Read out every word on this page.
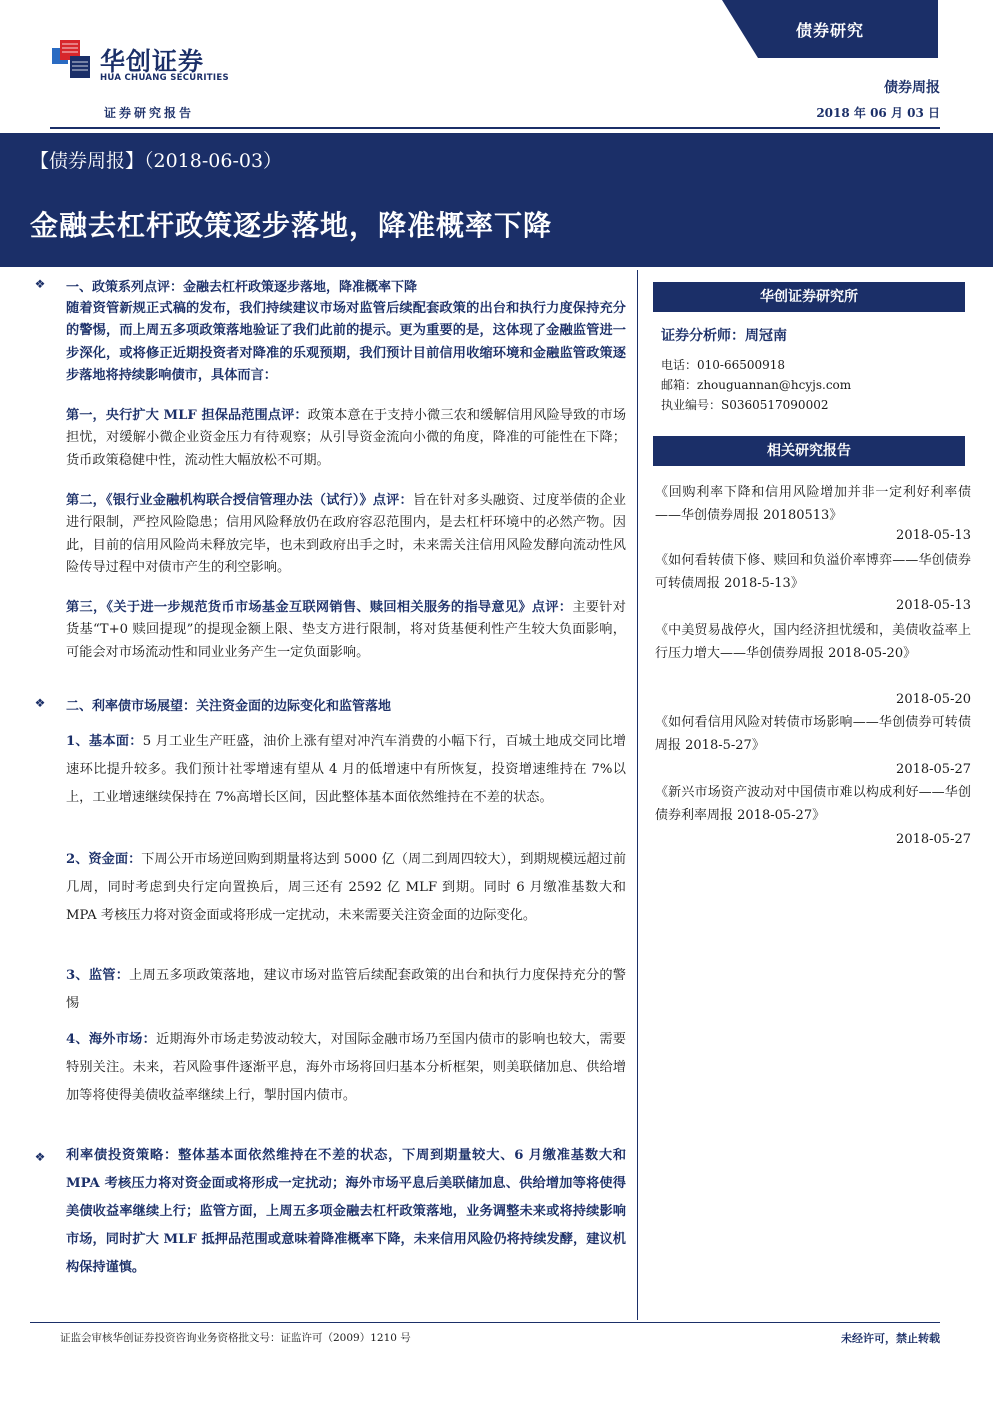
华创证券
HUA CHUANG SECURITIES
证券研究报告
债券研究
债券周报
2018 年 06 月 03 日
【债券周报】（2018-06-03）
金融去杠杆政策逐步落地，降准概率下降
❖	一、政策系列点评：金融去杠杆政策逐步落地，降准概率下降
随着资管新规正式稿的发布，我们持续建议市场对监管后续配套政策的出台和执行力度保持充分的警惕，而上周五多项政策落地验证了我们此前的提示。更为重要的是，这体现了金融监管进一步深化，或将修正近期投资者对降准的乐观预期，我们预计目前信用收缩环境和金融监管政策逐步落地将持续影响债市，具体而言：
第一，央行扩大 MLF 担保品范围点评：政策本意在于支持小微三农和缓解信用风险导致的市场担忧，对缓解小微企业资金压力有待观察；从引导资金流向小微的角度，降准的可能性在下降；货币政策稳健中性，流动性大幅放松不可期。
第二，《银行业金融机构联合授信管理办法（试行）》点评：旨在针对多头融资、过度举债的企业进行限制，严控风险隐患；信用风险释放仍在政府容忍范围内，是去杠杆环境中的必然产物。因此，目前的信用风险尚未释放完毕，也未到政府出手之时，未来需关注信用风险发酵向流动性风险传导过程中对债市产生的利空影响。
第三，《关于进一步规范货币市场基金互联网销售、赎回相关服务的指导意见》点评：主要针对货基“T+0 赎回提现”的提现金额上限、垫支方进行限制，将对货基便利性产生较大负面影响，可能会对市场流动性和同业业务产生一定负面影响。
❖	二、利率债市场展望：关注资金面的边际变化和监管落地
1、基本面：5 月工业生产旺盛，油价上涨有望对冲汽车消费的小幅下行，百城土地成交同比增速环比提升较多。我们预计社零增速有望从 4 月的低增速中有所恢复，投资增速维持在 7%以上，工业增速继续保持在 7%高增长区间，因此整体基本面依然维持在不差的状态。
2、资金面：下周公开市场逆回购到期量将达到 5000 亿（周二到周四较大），到期规模远超过前几周，同时考虑到央行定向置换后，周三还有 2592 亿 MLF 到期。同时 6 月缴准基数大和 MPA 考核压力将对资金面或将形成一定扰动，未来需要关注资金面的边际变化。
3、监管：上周五多项政策落地，建议市场对监管后续配套政策的出台和执行力度保持充分的警惕
4、海外市场：近期海外市场走势波动较大，对国际金融市场乃至国内债市的影响也较大，需要特别关注。未来，若风险事件逐渐平息，海外市场将回归基本分析框架，则美联储加息、供给增加等将使得美债收益率继续上行，掣肘国内债市。
❖	利率债投资策略：整体基本面依然维持在不差的状态，下周到期量较大、6 月缴准基数大和 MPA 考核压力将对资金面或将形成一定扰动；海外市场平息后美联储加息、供给增加等将使得美债收益率继续上行；监管方面，上周五多项金融去杠杆政策落地，业务调整未来或将持续影响市场，同时扩大 MLF 抵押品范围或意味着降准概率下降，未来信用风险仍将持续发酵，建议机构保持谨慎。
华创证券研究所
证券分析师：周冠南
电话：010-66500918
邮箱：zhouguannan@hcyjs.com
执业编号：S0360517090002
相关研究报告
《回购利率下降和信用风险增加并非一定利好利率债——华创债券周报 20180513》
2018-05-13
《如何看转债下修、赎回和负溢价率博弈——华创债券可转债周报 2018-5-13》
2018-05-13
《中美贸易战停火，国内经济担忧缓和，美债收益率上行压力增大——华创债券周报 2018-05-20》
2018-05-20
《如何看信用风险对转债市场影响——华创债券可转债周报 2018-5-27》
2018-05-27
《新兴市场资产波动对中国债市难以构成利好——华创债券利率周报 2018-05-27》
2018-05-27
证监会审核华创证券投资咨询业务资格批文号：证监许可（2009）1210 号	未经许可，禁止转载
